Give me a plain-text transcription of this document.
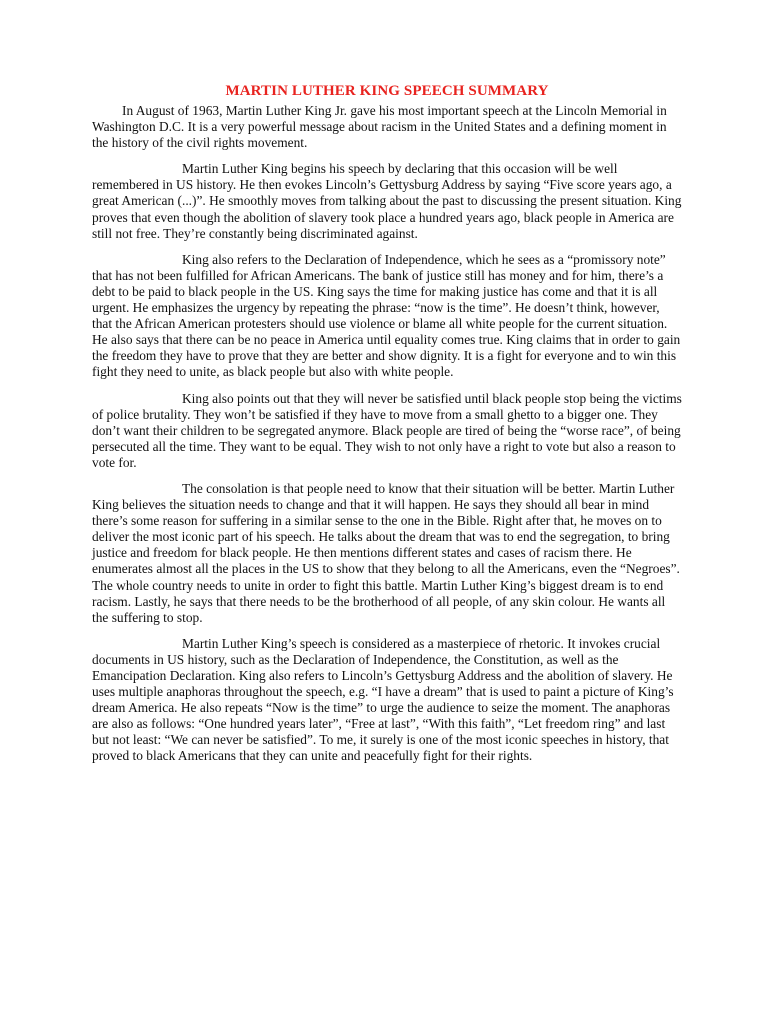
MARTIN LUTHER KING SPEECH SUMMARY

In August of 1963, Martin Luther King Jr. gave his most important speech at the Lincoln Memorial in Washington D.C. It is a very powerful message about racism in the United States and a defining moment in the history of the civil rights movement.

Martin Luther King begins his speech by declaring that this occasion will be well remembered in US history. He then evokes Lincoln’s Gettysburg Address by saying “Five score years ago, a great American (...)”. He smoothly moves from talking about the past to discussing the present situation. King proves that even though the abolition of slavery took place a hundred years ago, black people in America are still not free. They’re constantly being discriminated against.

King also refers to the Declaration of Independence, which he sees as a “promissory note” that has not been fulfilled for African Americans. The bank of justice still has money and for him, there’s a debt to be paid to black people in the US. King says the time for making justice has come and that it is all urgent. He emphasizes the urgency by repeating the phrase: “now is the time”. He doesn’t think, however, that the African American protesters should use violence or blame all white people for the current situation. He also says that there can be no peace in America until equality comes true. King claims that in order to gain the freedom they have to prove that they are better and show dignity. It is a fight for everyone and to win this fight they need to unite, as black people but also with white people.

King also points out that they will never be satisfied until black people stop being the victims of police brutality. They won’t be satisfied if they have to move from a small ghetto to a bigger one. They don’t want their children to be segregated anymore. Black people are tired of being the “worse race”, of being persecuted all the time. They want to be equal. They wish to not only have a right to vote but also a reason to vote for.

The consolation is that people need to know that their situation will be better. Martin Luther King believes the situation needs to change and that it will happen. He says they should all bear in mind there’s some reason for suffering in a similar sense to the one in the Bible. Right after that, he moves on to deliver the most iconic part of his speech. He talks about the dream that was to end the segregation, to bring justice and freedom for black people. He then mentions different states and cases of racism there. He enumerates almost all the places in the US to show that they belong to all the Americans, even the “Negroes”. The whole country needs to unite in order to fight this battle. Martin Luther King’s biggest dream is to end racism. Lastly, he says that there needs to be the brotherhood of all people, of any skin colour. He wants all the suffering to stop.

Martin Luther King’s speech is considered as a masterpiece of rhetoric. It invokes crucial documents in US history, such as the Declaration of Independence, the Constitution, as well as the Emancipation Declaration. King also refers to Lincoln’s Gettysburg Address and the abolition of slavery. He uses multiple anaphoras throughout the speech, e.g. “I have a dream” that is used to paint a picture of King’s dream America. He also repeats “Now is the time” to urge the audience to seize the moment. The anaphoras are also as follows: “One hundred years later”, “Free at last”, “With this faith”, “Let freedom ring” and last but not least: “We can never be satisfied”. To me, it surely is one of the most iconic speeches in history, that proved to black Americans that they can unite and peacefully fight for their rights.
